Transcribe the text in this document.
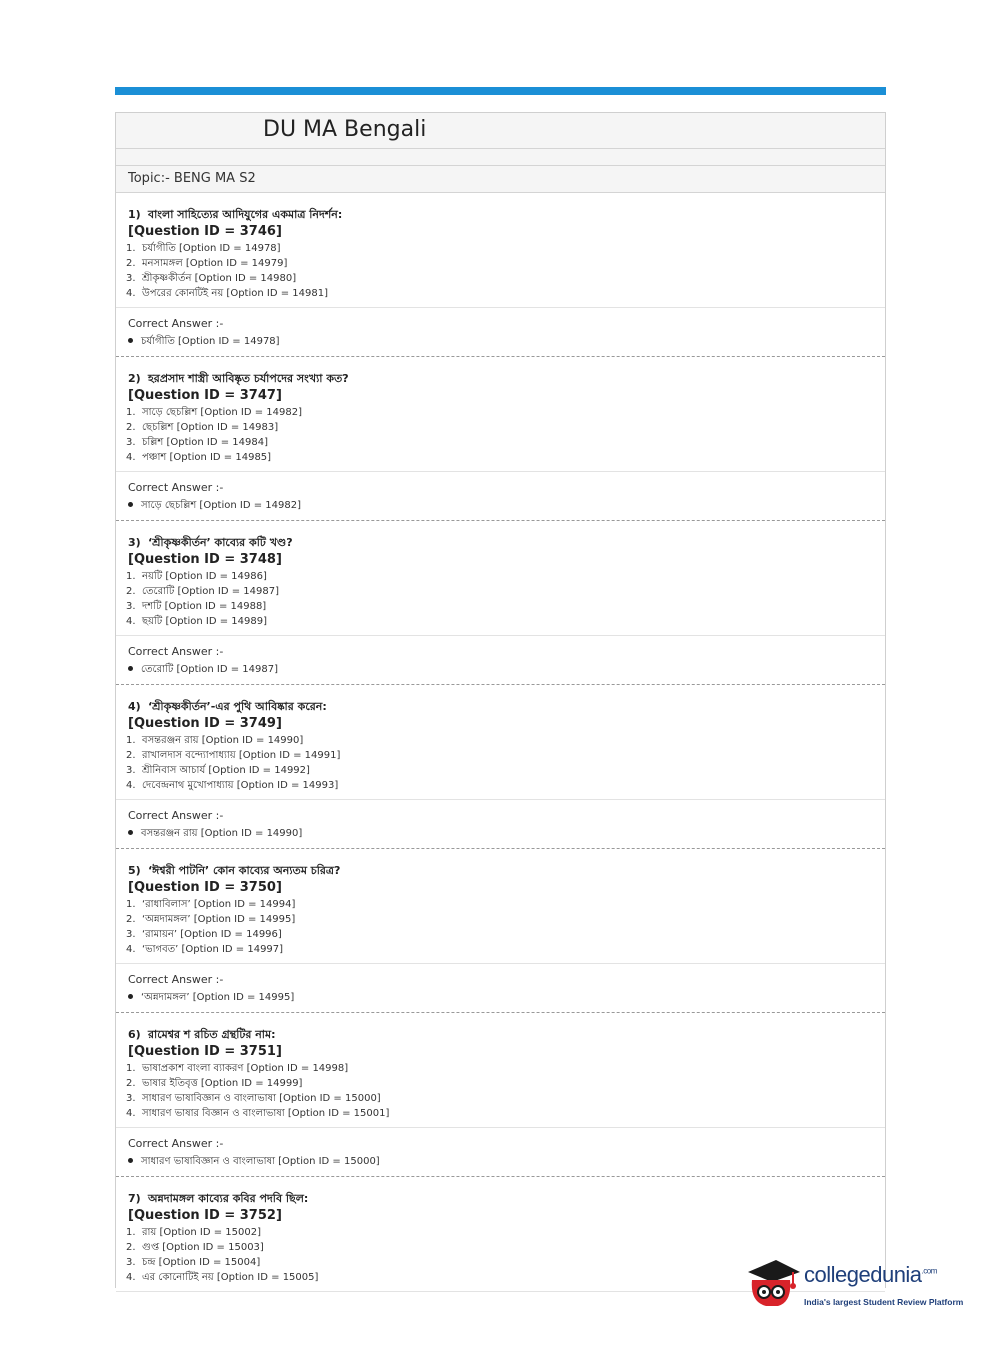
DU MA Bengali
Topic:- BENG MA S2
1) বাংলা সাহিত্যের আদিযুগের একমাত্র নিদর্শন:
[Question ID = 3746]
1. চর্যাগীতি [Option ID = 14978]
2. মনসামঙ্গল [Option ID = 14979]
3. শ্রীকৃষ্ণকীর্তন [Option ID = 14980]
4. উপরের কোনটিই নয় [Option ID = 14981]
Correct Answer :-
চর্যাগীতি [Option ID = 14978]
2) হরপ্রসাদ শাস্ত্রী আবিষ্কৃত চর্যাপদের সংখ্যা কত?
[Question ID = 3747]
1. সাড়ে ছেচল্লিশ [Option ID = 14982]
2. ছেচল্লিশ [Option ID = 14983]
3. চল্লিশ [Option ID = 14984]
4. পঞ্চাশ [Option ID = 14985]
Correct Answer :-
সাড়ে ছেচল্লিশ [Option ID = 14982]
3) ‘শ্রীকৃষ্ণকীর্তন’ কাব্যের কটি খণ্ড?
[Question ID = 3748]
1. নয়টি [Option ID = 14986]
2. তেরোটি [Option ID = 14987]
3. দশটি [Option ID = 14988]
4. ছয়টি [Option ID = 14989]
Correct Answer :-
তেরোটি [Option ID = 14987]
4) ‘শ্রীকৃষ্ণকীর্তন’-এর পুথি আবিষ্কার করেন:
[Question ID = 3749]
1. বসন্তরঞ্জন রায় [Option ID = 14990]
2. রাখালদাস বন্দ্যোপাধ্যায় [Option ID = 14991]
3. শ্রীনিবাস আচার্য [Option ID = 14992]
4. দেবেন্দ্রনাথ মুখোপাধ্যায় [Option ID = 14993]
Correct Answer :-
বসন্তরঞ্জন রায় [Option ID = 14990]
5) ‘ঈশ্বরী পাটনি’ কোন কাব্যের অন্যতম চরিত্র?
[Question ID = 3750]
1. ‘রাধাবিলাস’ [Option ID = 14994]
2. ‘অন্নদামঙ্গল’ [Option ID = 14995]
3. ‘রামায়ন’ [Option ID = 14996]
4. ‘ভাগবত’ [Option ID = 14997]
Correct Answer :-
‘অন্নদামঙ্গল’ [Option ID = 14995]
6) রামেশ্বর শ রচিত গ্রন্থটির নাম:
[Question ID = 3751]
1. ভাষাপ্রকাশ বাংলা ব্যাকরণ [Option ID = 14998]
2. ভাষার ইতিবৃত্ত [Option ID = 14999]
3. সাধারণ ভাষাবিজ্ঞান ও বাংলাভাষা [Option ID = 15000]
4. সাধারণ ভাষার বিজ্ঞান ও বাংলাভাষা [Option ID = 15001]
Correct Answer :-
সাধারণ ভাষাবিজ্ঞান ও বাংলাভাষা [Option ID = 15000]
7) অন্নদামঙ্গল কাব্যের কবির পদবি ছিল:
[Question ID = 3752]
1. রায় [Option ID = 15002]
2. গুপ্ত [Option ID = 15003]
3. চন্দ্র [Option ID = 15004]
4. এর কোনোটিই নয় [Option ID = 15005]	collegedunia$^{.com}$
India's largest Student Review Platform
